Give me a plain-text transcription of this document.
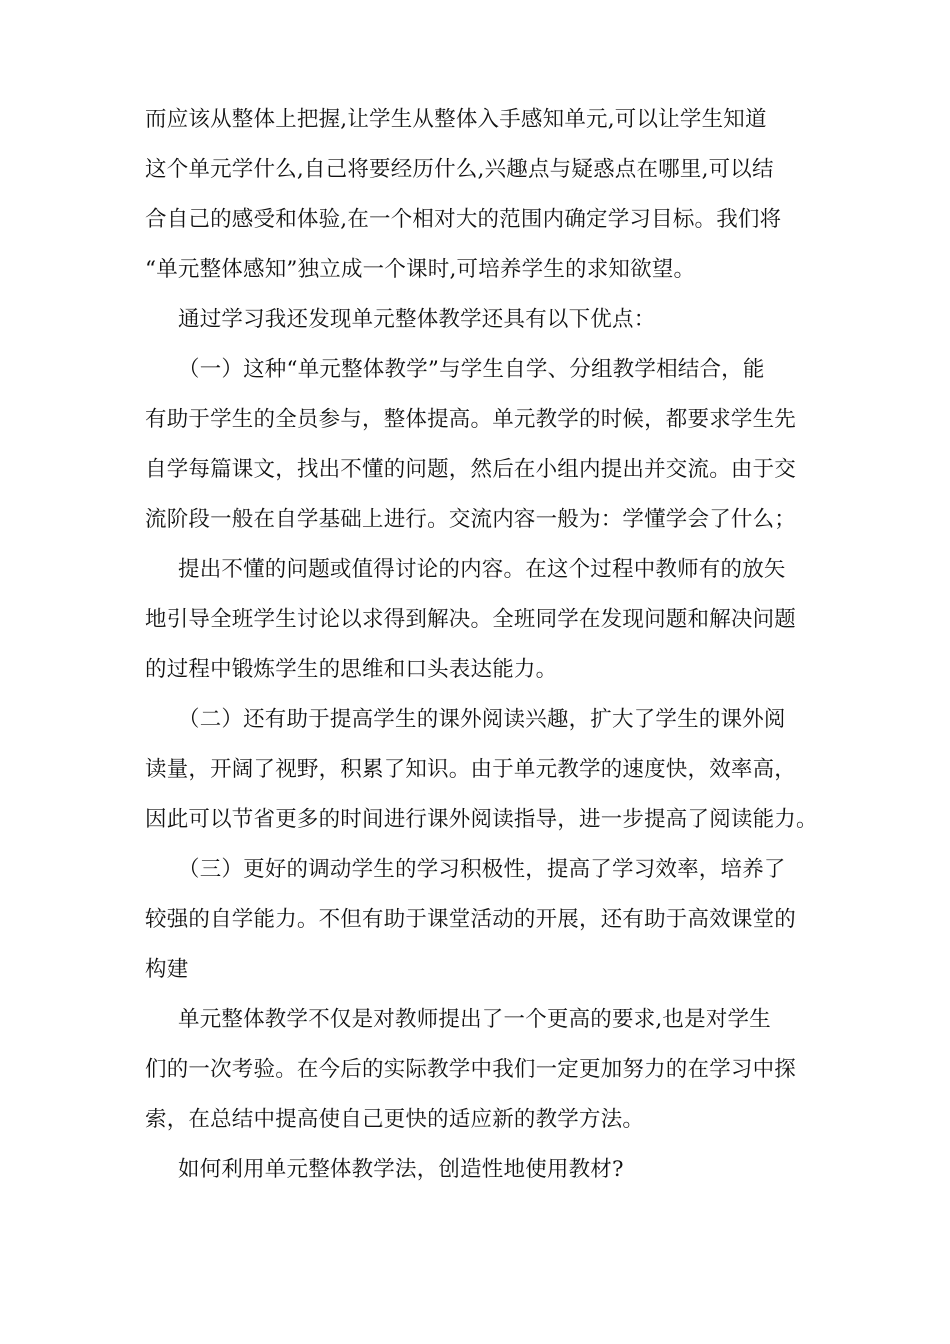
而应该从整体上把握,让学生从整体入手感知单元,可以让学生知道
这个单元学什么,自己将要经历什么,兴趣点与疑惑点在哪里,可以结
合自己的感受和体验,在一个相对大的范围内确定学习目标。我们将
“单元整体感知”独立成一个课时,可培养学生的求知欲望。
通过学习我还发现单元整体教学还具有以下优点：
（一）这种“单元整体教学”与学生自学、分组教学相结合，能
有助于学生的全员参与，整体提高。单元教学的时候，都要求学生先
自学每篇课文，找出不懂的问题，然后在小组内提出并交流。由于交
流阶段一般在自学基础上进行。交流内容一般为：学懂学会了什么；
提出不懂的问题或值得讨论的内容。在这个过程中教师有的放矢
地引导全班学生讨论以求得到解决。全班同学在发现问题和解决问题
的过程中锻炼学生的思维和口头表达能力。
（二）还有助于提高学生的课外阅读兴趣，扩大了学生的课外阅
读量，开阔了视野，积累了知识。由于单元教学的速度快，效率高，
因此可以节省更多的时间进行课外阅读指导，进一步提高了阅读能力。
（三）更好的调动学生的学习积极性，提高了学习效率，培养了
较强的自学能力。不但有助于课堂活动的开展，还有助于高效课堂的
构建
单元整体教学不仅是对教师提出了一个更高的要求,也是对学生
们的一次考验。在今后的实际教学中我们一定更加努力的在学习中探
索，在总结中提高使自己更快的适应新的教学方法。
如何利用单元整体教学法，创造性地使用教材?
